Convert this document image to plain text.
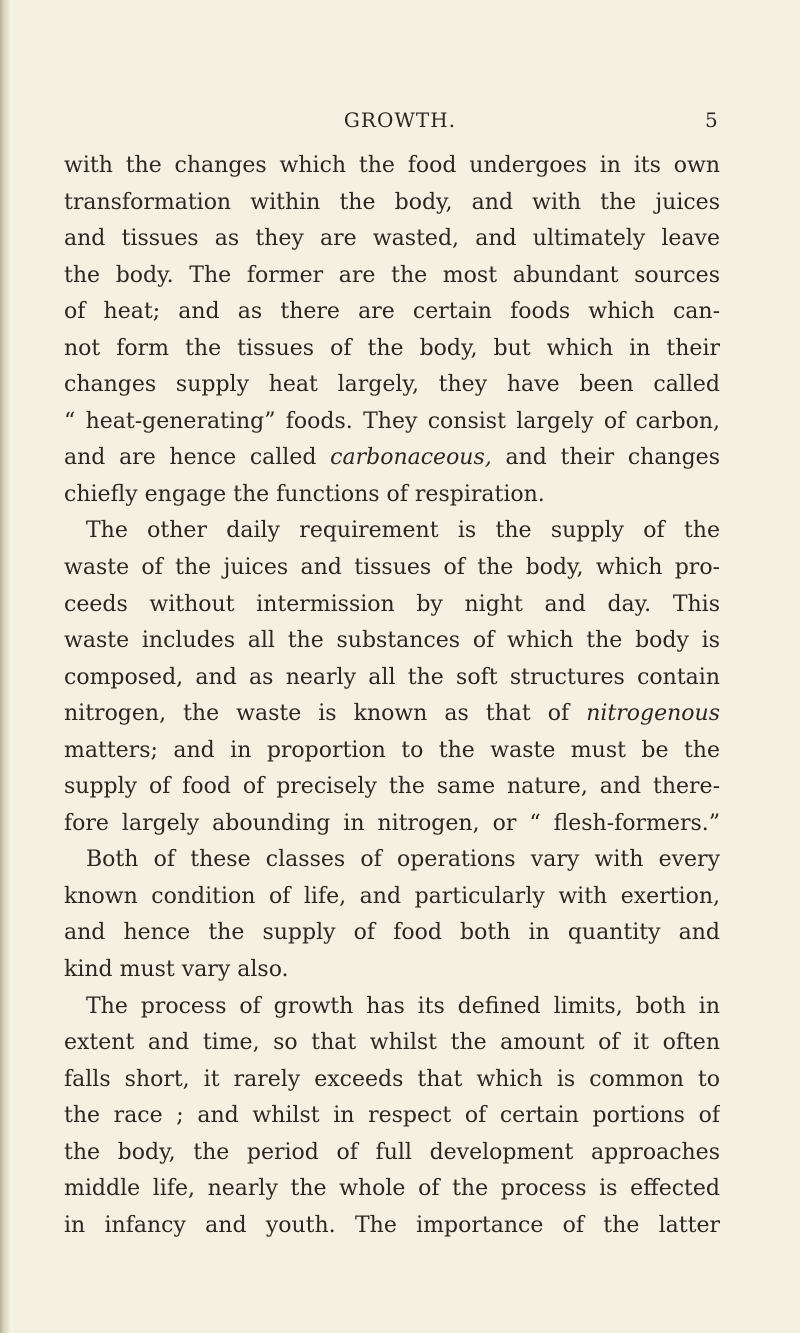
GROWTH.	5
with the changes which the food undergoes in its own
transformation within the body, and with the juices
and tissues as they are wasted, and ultimately leave
the body. The former are the most abundant sources
of heat; and as there are certain foods which can-
not form the tissues of the body, but which in their
changes supply heat largely, they have been called
“ heat-generating” foods. They consist largely of carbon,
and are hence called carbonaceous, and their changes
chiefly engage the functions of respiration.
The other daily requirement is the supply of the
waste of the juices and tissues of the body, which pro-
ceeds without intermission by night and day. This
waste includes all the substances of which the body is
composed, and as nearly all the soft structures contain
nitrogen, the waste is known as that of nitrogenous
matters; and in proportion to the waste must be the
supply of food of precisely the same nature, and there-
fore largely abounding in nitrogen, or “ flesh-formers.”
Both of these classes of operations vary with every
known condition of life, and particularly with exertion,
and hence the supply of food both in quantity and
kind must vary also.
The process of growth has its defined limits, both in
extent and time, so that whilst the amount of it often
falls short, it rarely exceeds that which is common to
the race ; and whilst in respect of certain portions of
the body, the period of full development approaches
middle life, nearly the whole of the process is effected
in infancy and youth. The importance of the latter
